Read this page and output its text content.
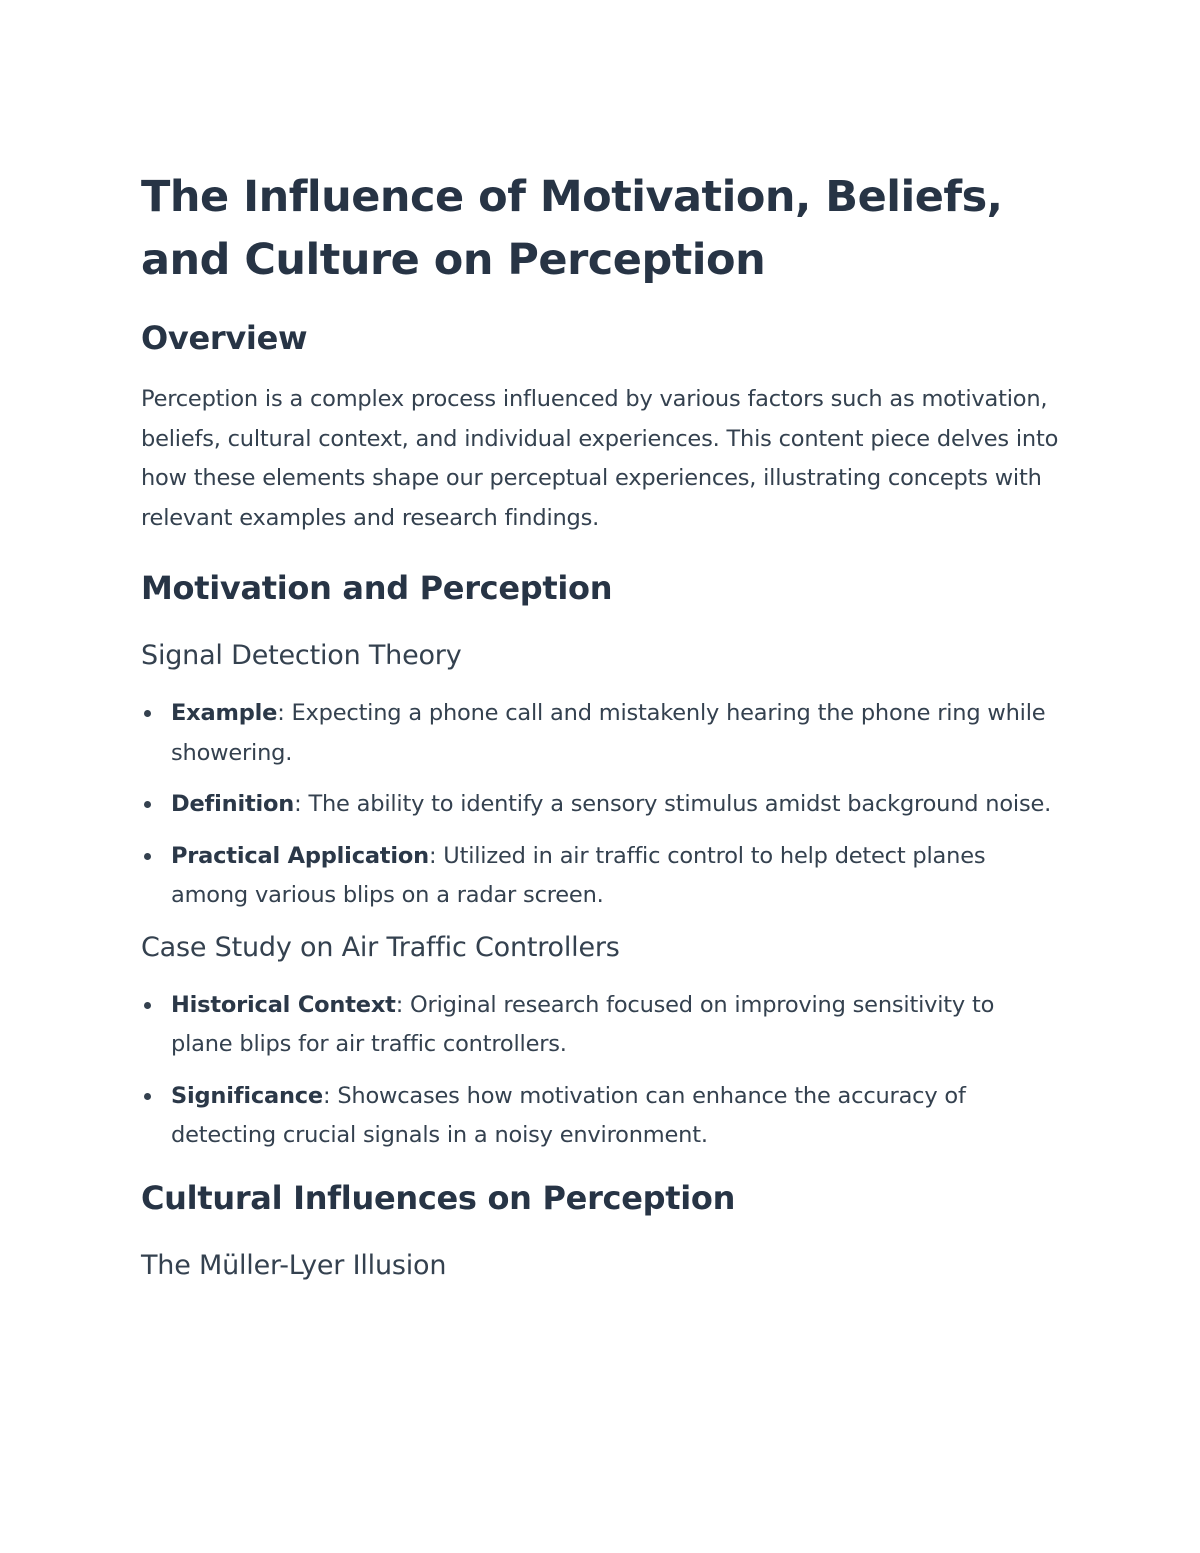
The Influence of Motivation, Beliefs, and Culture on Perception
Overview

Perception is a complex process influenced by various factors such as motivation, beliefs, cultural context, and individual experiences. This content piece delves into how these elements shape our perceptual experiences, illustrating concepts with relevant examples and research findings.

Motivation and Perception
Signal Detection Theory
Example: Expecting a phone call and mistakenly hearing the phone ring while showering.
Definition: The ability to identify a sensory stimulus amidst background noise.
Practical Application: Utilized in air traffic control to help detect planes among various blips on a radar screen.
Case Study on Air Traffic Controllers
Historical Context: Original research focused on improving sensitivity to plane blips for air traffic controllers.
Significance: Showcases how motivation can enhance the accuracy of detecting crucial signals in a noisy environment.
Cultural Influences on Perception
The Müller-Lyer Illusion
